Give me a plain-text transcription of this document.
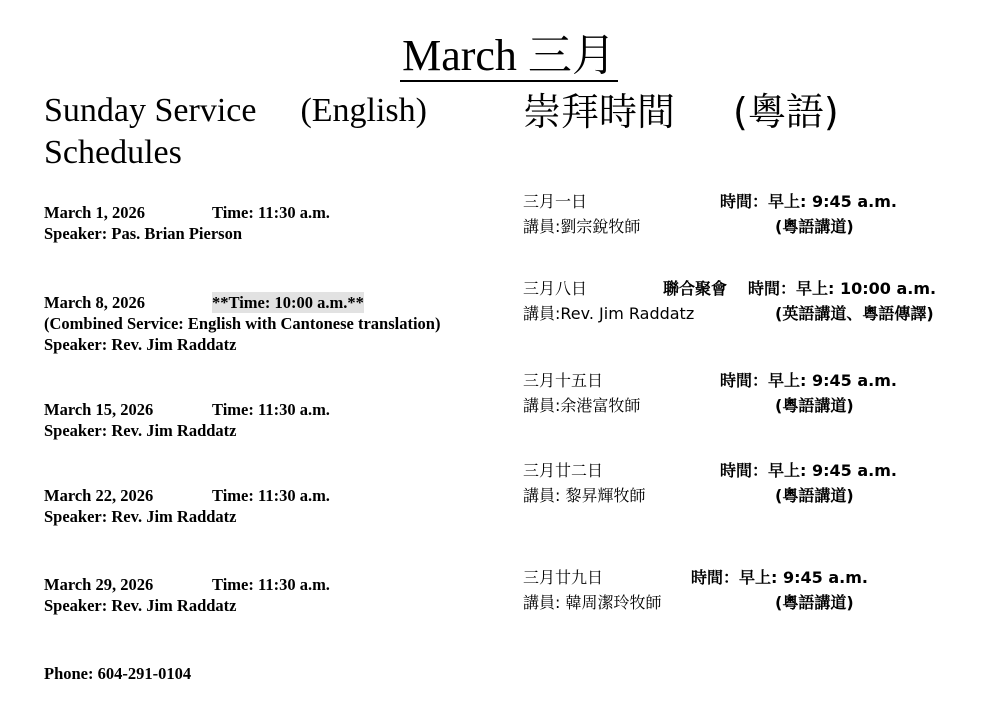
March 三月
Sunday Service (English)
Schedules
崇拜時間 (粵語)
March 1, 2026	Time: 11:30 a.m.
Speaker: Pas. Brian Pierson
March 8, 2026	**Time: 10:00 a.m.**
(Combined Service: English with Cantonese translation)
Speaker: Rev. Jim Raddatz
March 15, 2026	Time: 11:30 a.m.
Speaker: Rev. Jim Raddatz
March 22, 2026	Time: 11:30 a.m.
Speaker: Rev. Jim Raddatz
March 29, 2026	Time: 11:30 a.m.
Speaker: Rev. Jim Raddatz
三月一日	時間：早上: 9:45 a.m.
講員:劉宗銳牧師	(粵語講道)
三月八日	聯合聚會 時間：早上: 10:00 a.m.
講員:Rev. Jim Raddatz	(英語講道、粵語傳譯)
三月十五日	時間：早上: 9:45 a.m.
講員:余港富牧師	(粵語講道)
三月廿二日	時間：早上: 9:45 a.m.
講員: 黎昇輝牧師	(粵語講道)
三月廿九日	時間：早上: 9:45 a.m.
講員: 韓周潔玲牧師	(粵語講道)
Phone: 604-291-0104
